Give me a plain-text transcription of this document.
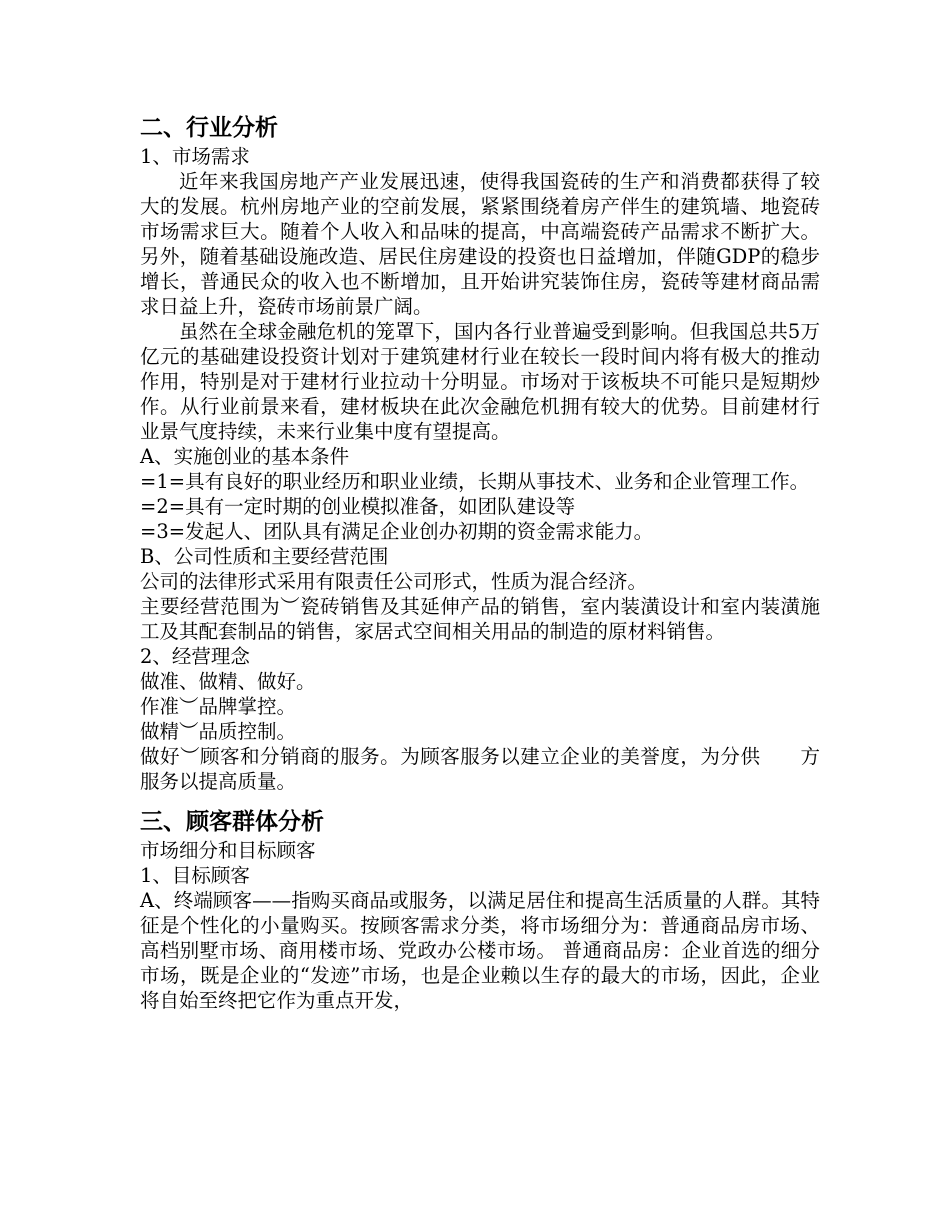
二、行业分析

1、市场需求

近年来我国房地产产业发展迅速，使得我国瓷砖的生产和消费都获得了较大的发展。杭州房地产业的空前发展，紧紧围绕着房产伴生的建筑墙、地瓷砖市场需求巨大。随着个人收入和品味的提高，中高端瓷砖产品需求不断扩大。另外，随着基础设施改造、居民住房建设的投资也日益增加，伴随GDP的稳步增长，普通民众的收入也不断增加，且开始讲究装饰住房，瓷砖等建材商品需求日益上升，瓷砖市场前景广阔。

虽然在全球金融危机的笼罩下，国内各行业普遍受到影响。但我国总共5万亿元的基础建设投资计划对于建筑建材行业在较长一段时间内将有极大的推动作用，特别是对于建材行业拉动十分明显。市场对于该板块不可能只是短期炒作。从行业前景来看，建材板块在此次金融危机拥有较大的优势。目前建材行业景气度持续，未来行业集中度有望提高。

A、实施创业的基本条件

=1=具有良好的职业经历和职业业绩，长期从事技术、业务和企业管理工作。

=2=具有一定时期的创业模拟准备，如团队建设等

=3=发起人、团队具有满足企业创办初期的资金需求能力。

B、公司性质和主要经营范围

公司的法律形式采用有限责任公司形式，性质为混合经济。

主要经营范围为︶瓷砖销售及其延伸产品的销售，室内装潢设计和室内装潢施工及其配套制品的销售，家居式空间相关用品的制造的原材料销售。

2、经营理念

做准、做精、做好。

作准︶品牌掌控。

做精︶品质控制。

做好︶顾客和分销商的服务。为顾客服务以建立企业的美誉度，为分供　　方服务以提高质量。

三、顾客群体分析

市场细分和目标顾客

1、目标顾客

A、终端顾客——指购买商品或服务，以满足居住和提高生活质量的人群。其特征是个性化的小量购买。按顾客需求分类，将市场细分为：普通商品房市场、高档别墅市场、商用楼市场、党政办公楼市场。 普通商品房：企业首选的细分市场，既是企业的“发迹”市场，也是企业赖以生存的最大的市场，因此，企业将自始至终把它作为重点开发，
